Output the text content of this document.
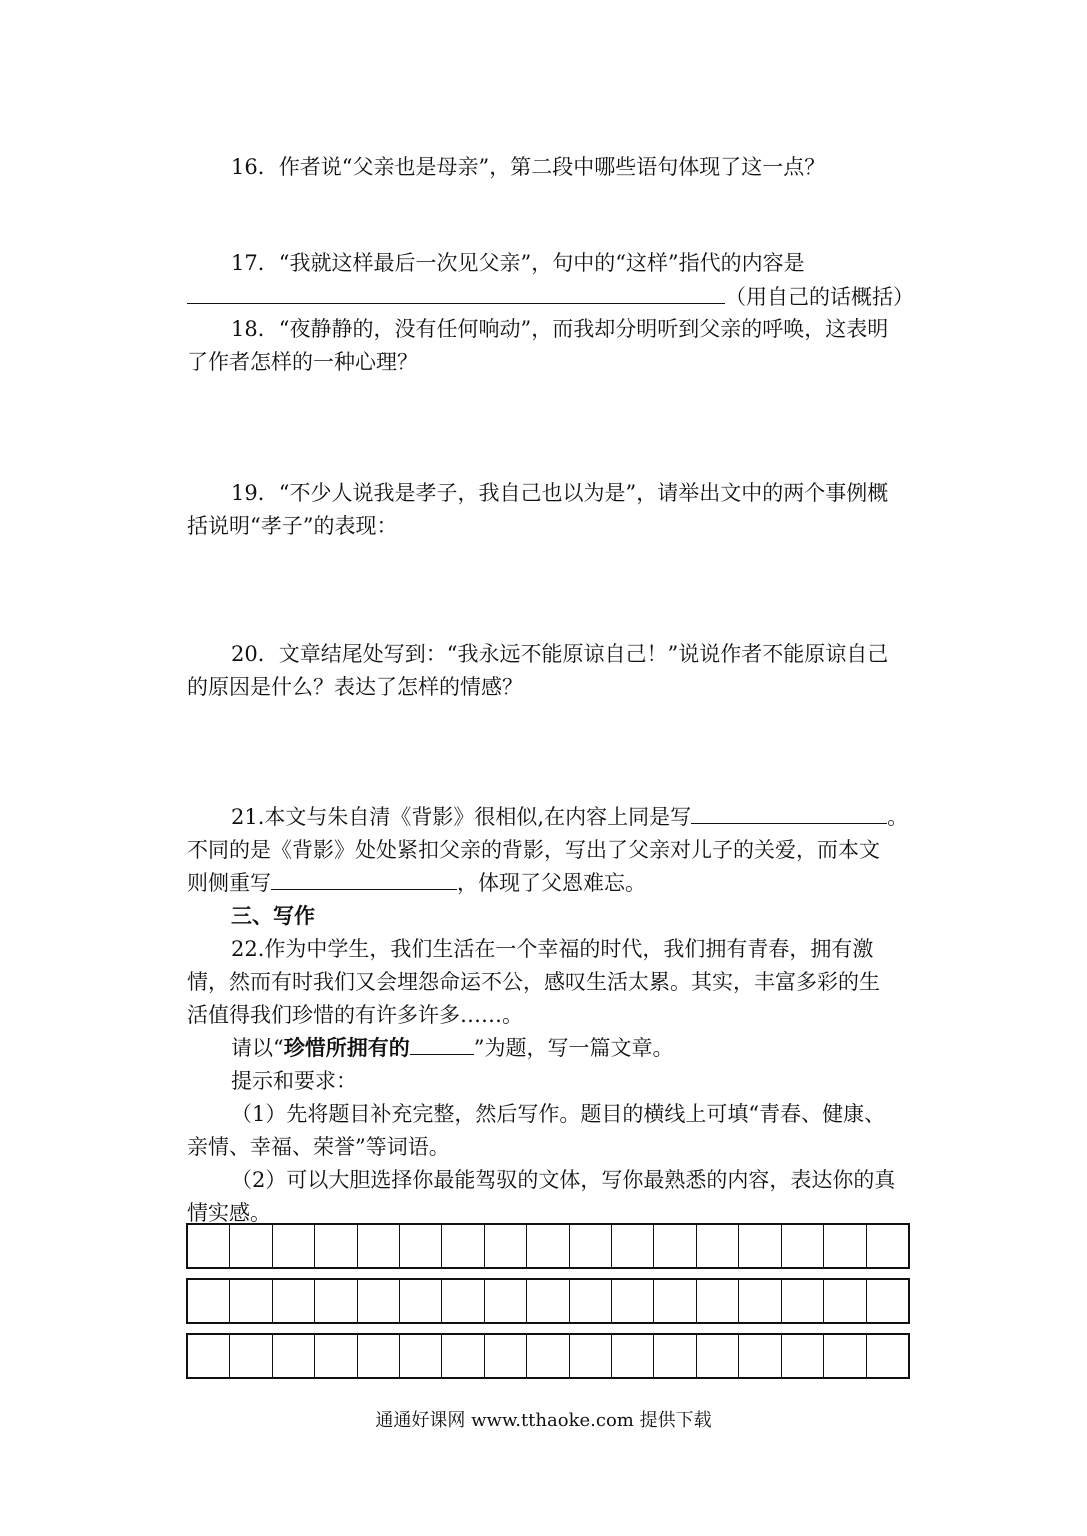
16．作者说“父亲也是母亲”，第二段中哪些语句体现了这一点？
17．“我就这样最后一次见父亲”，句中的“这样”指代的内容是
（用自己的话概括）
18．“夜静静的，没有任何响动”，而我却分明听到父亲的呼唤，这表明
了作者怎样的一种心理？
19．“不少人说我是孝子，我自己也以为是”，请举出文中的两个事例概
括说明“孝子”的表现：
20．文章结尾处写到：“我永远不能原谅自己！”说说作者不能原谅自己
的原因是什么？表达了怎样的情感？
21.本文与朱自清《背影》很相似,在内容上同是写	。
不同的是《背影》处处紧扣父亲的背影，写出了父亲对儿子的关爱，而本文
则侧重写	，体现了父恩难忘。
三、写作
22.作为中学生，我们生活在一个幸福的时代，我们拥有青春，拥有激
情，然而有时我们又会埋怨命运不公，感叹生活太累。其实，丰富多彩的生
活值得我们珍惜的有许多许多……。
请以“珍惜所拥有的	”为题，写一篇文章。
提示和要求：
（1）先将题目补充完整，然后写作。题目的横线上可填“青春、健康、
亲情、幸福、荣誉”等词语。
（2）可以大胆选择你最能驾驭的文体，写你最熟悉的内容，表达你的真
情实感。
通通好课网 www.tthaoke.com 提供下载
